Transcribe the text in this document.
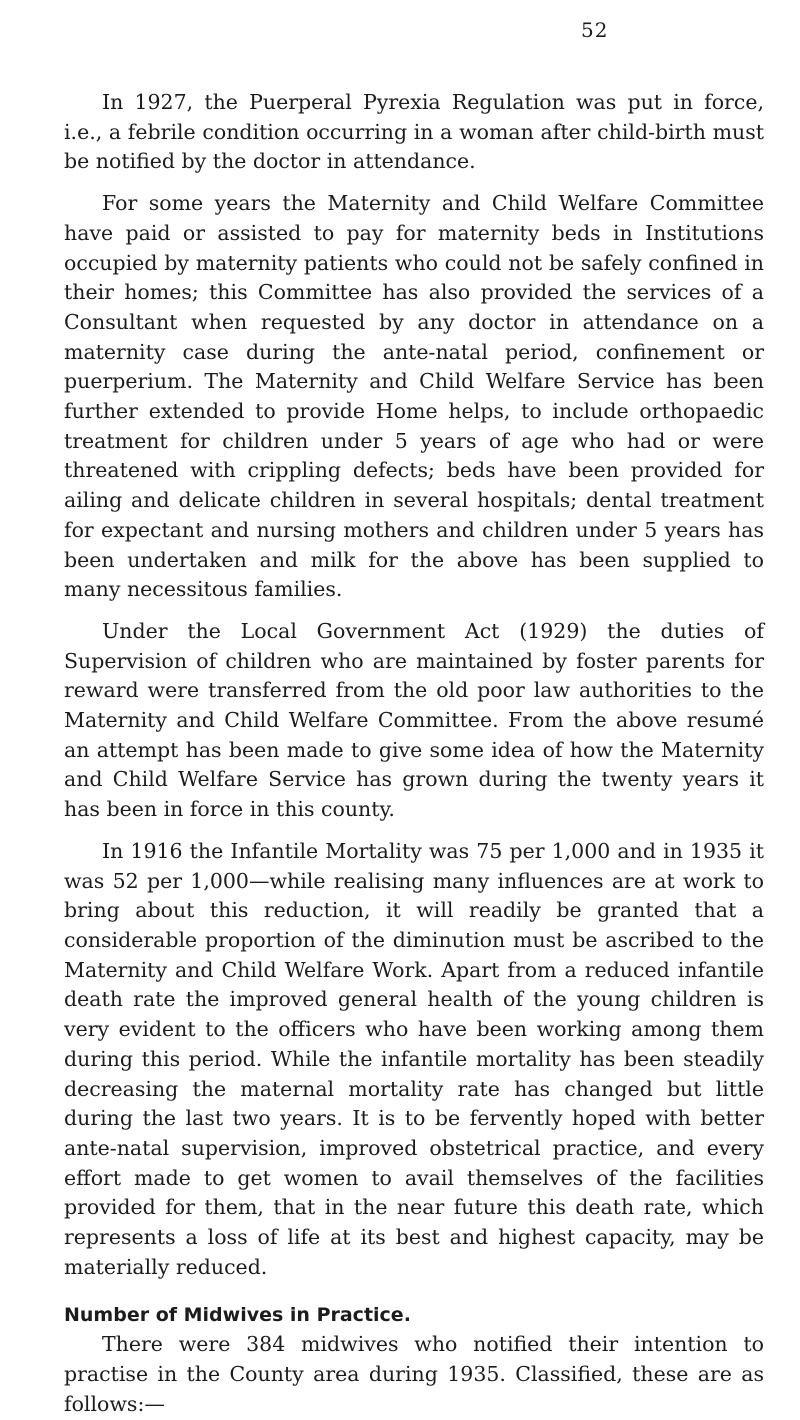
52

In 1927, the Puerperal Pyrexia Regulation was put in force, i.e., a febrile condition occurring in a woman after child-birth must be notified by the doctor in attendance.

For some years the Maternity and Child Welfare Committee have paid or assisted to pay for maternity beds in Institutions occupied by maternity patients who could not be safely confined in their homes; this Committee has also provided the services of a Consultant when requested by any doctor in attendance on a maternity case during the ante-natal period, confinement or puerperium. The Maternity and Child Welfare Service has been further extended to provide Home helps, to include orthopaedic treatment for children under 5 years of age who had or were threatened with crippling defects; beds have been provided for ailing and delicate children in several hospitals; dental treatment for expectant and nursing mothers and children under 5 years has been undertaken and milk for the above has been supplied to many necessitous families.

Under the Local Government Act (1929) the duties of Supervision of children who are maintained by foster parents for reward were transferred from the old poor law authorities to the Maternity and Child Welfare Committee. From the above resumé an attempt has been made to give some idea of how the Maternity and Child Welfare Service has grown during the twenty years it has been in force in this county.

In 1916 the Infantile Mortality was 75 per 1,000 and in 1935 it was 52 per 1,000—while realising many influences are at work to bring about this reduction, it will readily be granted that a considerable proportion of the diminution must be ascribed to the Maternity and Child Welfare Work. Apart from a reduced infantile death rate the improved general health of the young children is very evident to the officers who have been working among them during this period. While the infantile mortality has been steadily decreasing the maternal mortality rate has changed but little during the last two years. It is to be fervently hoped with better ante-natal supervision, improved obstetrical practice, and every effort made to get women to avail themselves of the facilities provided for them, that in the near future this death rate, which represents a loss of life at its best and highest capacity, may be materially reduced.

Number of Midwives in Practice.

There were 384 midwives who notified their intention to practise in the County area during 1935. Classified, these are as follows:—
